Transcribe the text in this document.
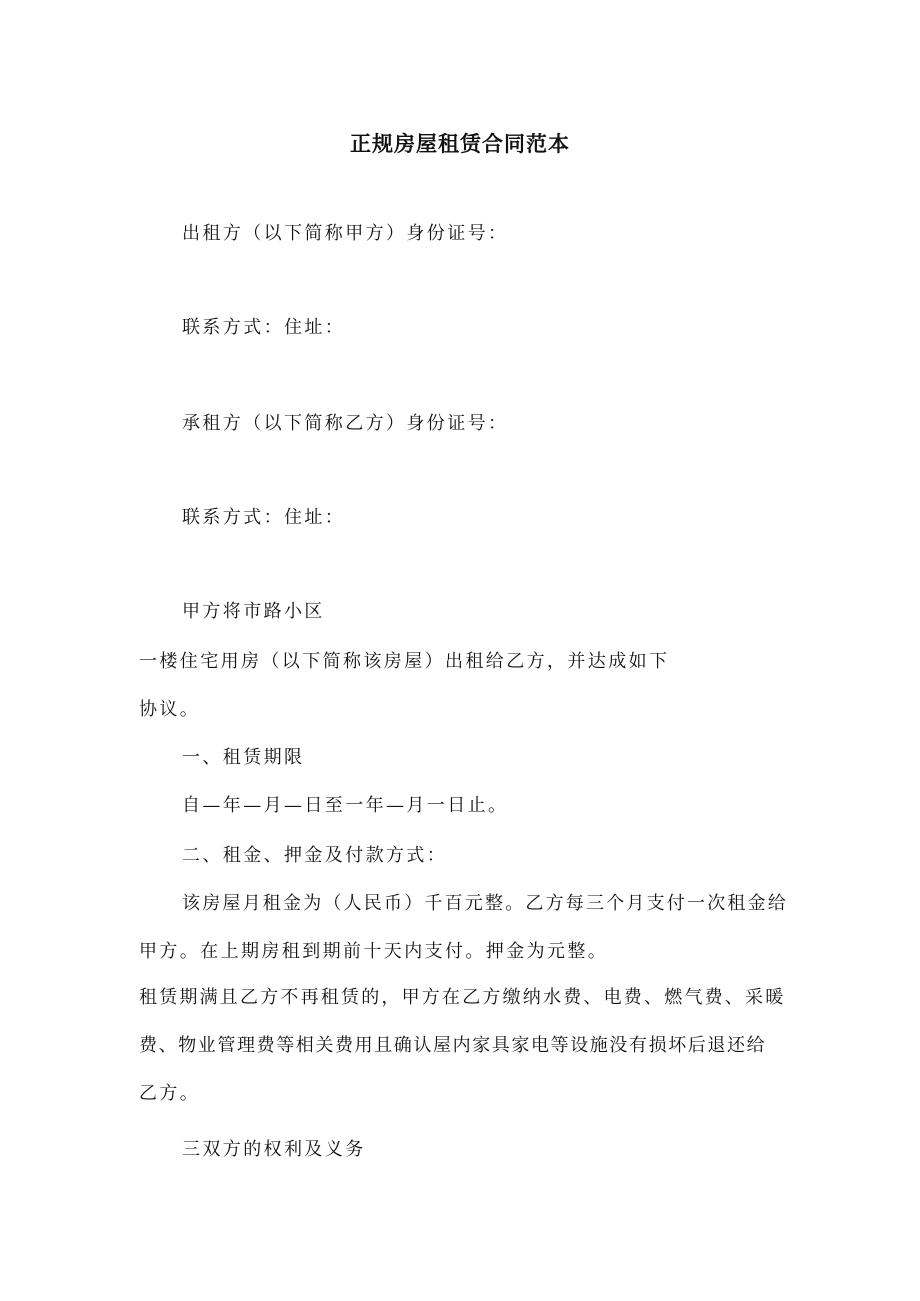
正规房屋租赁合同范本
出租方（以下简称甲方）身份证号：
联系方式：住址：
承租方（以下简称乙方）身份证号：
联系方式：住址：
甲方将市路小区
一楼住宅用房（以下简称该房屋）出租给乙方，并达成如下
协议。
一、租赁期限
自—年—月—日至一年—月一日止。
二、租金、押金及付款方式：
该房屋月租金为（人民币）千百元整。乙方每三个月支付一次租金给
甲方。在上期房租到期前十天内支付。押金为元整。
租赁期满且乙方不再租赁的，甲方在乙方缴纳水费、电费、燃气费、采暖
费、物业管理费等相关费用且确认屋内家具家电等设施没有损坏后退还给
乙方。
三双方的权利及义务
